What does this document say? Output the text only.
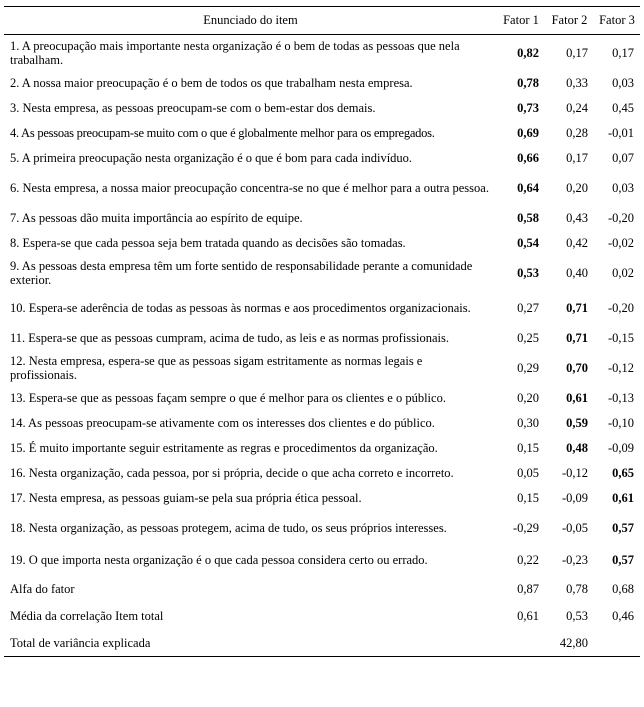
Enunciado do item	Fator 1	Fator 2	Fator 3
1. A preocupação mais importante nesta organização é o bem de todas as pessoas que nela trabalham.	0,82	0,17	0,17
2. A nossa maior preocupação é o bem de todos os que trabalham nesta empresa.	0,78	0,33	0,03
3. Nesta empresa, as pessoas preocupam-se com o bem-estar dos demais.	0,73	0,24	0,45
4. As pessoas preocupam-se muito com o que é globalmente melhor para os empregados.	0,69	0,28	-0,01
5. A primeira preocupação nesta organização é o que é bom para cada indivíduo.	0,66	0,17	0,07
6. Nesta empresa, a nossa maior preocupação concentra-se no que é melhor para a outra pessoa.	0,64	0,20	0,03
7. As pessoas dão muita importância ao espírito de equipe.	0,58	0,43	-0,20
8. Espera-se que cada pessoa seja bem tratada quando as decisões são tomadas.	0,54	0,42	-0,02
9. As pessoas desta empresa têm um forte sentido de responsabilidade perante a comunidade exterior.	0,53	0,40	0,02
10. Espera-se aderência de todas as pessoas às normas e aos procedimentos organizacionais.	0,27	0,71	-0,20
11. Espera-se que as pessoas cumpram, acima de tudo, as leis e as normas profissionais.	0,25	0,71	-0,15
12. Nesta empresa, espera-se que as pessoas sigam estritamente as normas legais e profissionais.	0,29	0,70	-0,12
13. Espera-se que as pessoas façam sempre o que é melhor para os clientes e o público.	0,20	0,61	-0,13
14. As pessoas preocupam-se ativamente com os interesses dos clientes e do público.	0,30	0,59	-0,10
15. É muito importante seguir estritamente as regras e procedimentos da organização.	0,15	0,48	-0,09
16. Nesta organização, cada pessoa, por si própria, decide o que acha correto e incorreto.	0,05	-0,12	0,65
17. Nesta empresa, as pessoas guiam-se pela sua própria ética pessoal.	0,15	-0,09	0,61
18. Nesta organização, as pessoas protegem, acima de tudo, os seus próprios interesses.	-0,29	-0,05	0,57
19. O que importa nesta organização é o que cada pessoa considera certo ou errado.	0,22	-0,23	0,57
Alfa do fator	0,87	0,78	0,68
Média da correlação Item total	0,61	0,53	0,46
Total de variância explicada		42,80	
